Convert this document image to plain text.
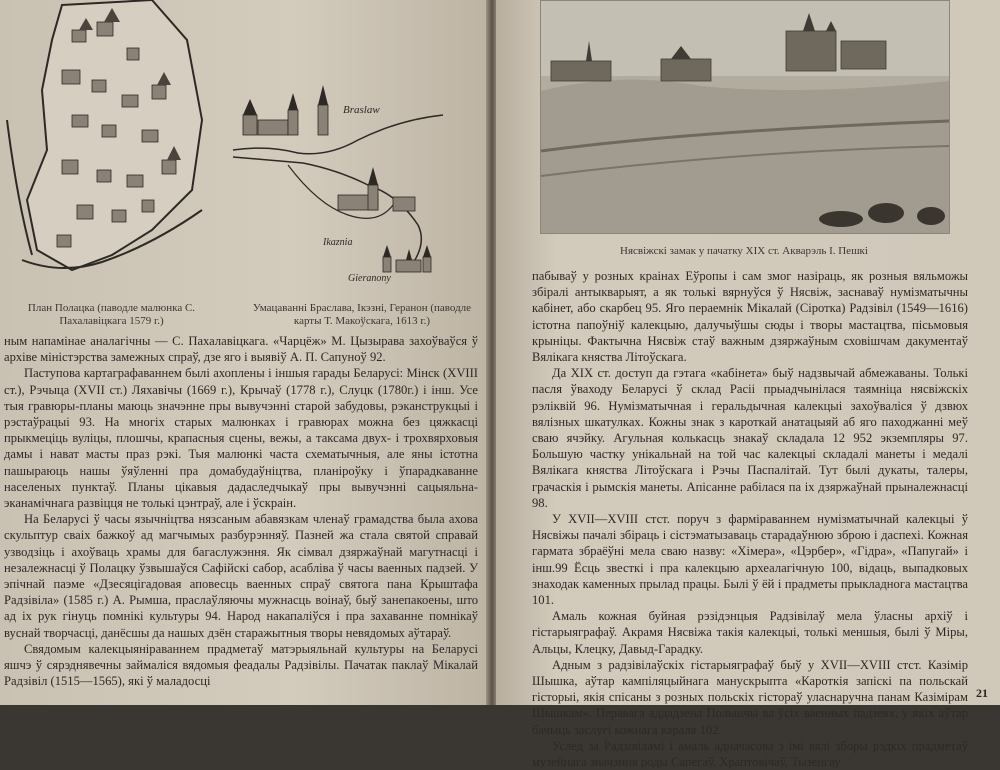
Braslaw
Ikaznia
Gieranony
План Полацка (паводле малюнка С. Пахалавіцкага 1579 г.)
Умацаванні Браслава, Ікэзні, Геранон (паводле карты Т. Макоўскага, 1613 г.)

ным напамінае аналагічны — С. Пахалавіцкага. «Чарцёж» М. Цызырава захоўваўся ў архіве міністэрства замежных спраў, дзе яго і выявіў А. П. Сапуноў 92.

Паступова картаграфаваннем былі ахоплены і іншыя гарады Беларусі: Мінск (XVIII ст.), Рэчыца (XVII ст.) Ляхавічы (1669 г.), Крычаў (1778 г.), Слуцк (1780г.) і інш. Усе тыя гравюры-планы маюць значэнне пры вывучэнні старой забудовы, рэканструкцыі і рэстаўрацыі 93. На многіх старых малюнках і гравюрах можна без цяжкасці прыкмеціць вуліцы, плошчы, крапасныя сцены, вежы, а таксама двух- і трохвярховыя дамы і нават масты праз рэкі. Тыя малюнкі часта схематычныя, але яны істотна пашыраюць нашы ўяўленні пра домабудаўніцтва, планіроўку і ўпарадкаванне населеных пунктаў. Планы цікавыя дадаследчыкаў пры вывучэнні сацыяльна-эканамічнага развіцця не толькі цэнтраў, але і ўскраін.

На Беларусі ў часы язычніцтва нязсаным абавязкам членаў грамадства была ахова скульптур сваіх бажкоў ад магчымых разбурэнняў. Пазней жа стала святой справай узводзіць і ахоўваць храмы для багаслужэння. Як сімвал дзяржаўнай магутнасці і незалежнасці ў Полацку ўзвышаўся Сафійскі сабор, асабліва ў часы ваенных падзей. У эпічнай паэме «Дзесяцігадовая аповесць ваенных спраў святога пана Крыштафа Радзівіла» (1585 г.) А. Рымша, праслаўляючы мужнасць воінаў, быў занепакоены, што ад іх рук гінуць помнікі культуры 94. Народ накапаліўся і пра захаванне помнікаў вуснай творчасці, данёсшы да нашых дзён старажытныя творы невядомых аўтараў.

Свядомым калекцыяніраваннем прадметаў матэрыяльнай культуры на Беларусі яшчэ ў сярэднявечны займаліся вядомыя феадалы Радзівілы. Пачатак паклаў Мікалай Радзівіл (1515—1565), які ў маладосці

Нясвіжскі замак у пачатку XIX ст. Акварэль І. Пешкі

пабываў у розных краінах Еўропы і сам змог назіраць, як розныя вяльможы збіралі антыкварыят, а як толькі вярнуўся ў Нясвіж, заснаваў нумізматычны кабінет, або скарбец 95. Яго пераемнік Мікалай (Сіротка) Радзівіл (1549—1616) істотна папоўніў калекцыю, далучыўшы сюды і творы мастацтва, пісьмовыя крыніцы. Фактычна Нясвіж стаў важным дзяржаўным сховішчам дакументаў Вялікага княства Літоўскага.

Да XIX ст. доступ да гэтага «кабінета» быў надзвычай абмежаваны. Толькі пасля ўваходу Беларусі ў склад Расіі прыадчынілася таямніца нясвіжскіх рэліквій 96. Нумізматычная і геральдычная калекцыі захоўваліся ў дзвюх вялізных шкатулках. Кожны знак з кароткай анатацыяй аб яго паходжанні меў сваю ячэйку. Агульная колькасць знакаў складала 12 952 экземпляры 97. Большую частку унікальнай на той час калекцыі складалі манеты і медалі Вялікага княства Літоўскага і Рэчы Паспалітай. Тут былі дукаты, талеры, грачаскія і рымскія манеты. Апісанне рабілася па іх дзяржаўнай прыналежнасці 98.

У XVII—XVIII стст. поруч з фарміраваннем нумізматычнай калекцыі ў Нясвіжы пачалі збіраць і сістэматызаваць старадаўнюю зброю і даспехі. Кожная гармата збраёўні мела сваю назву: «Хімера», «Цэрбер», «Гідра», «Папугай» і інш.99 Ёсць звесткі і пра калекцыю археалагічную 100, відаць, выпадковых знаходак каменных прылад працы. Былі ў ёй і прадметы прыкладнога мастацтва 101.

Амаль кожная буйная рэзідэнцыя Радзівілаў мела ўласны архіў і гістарыяграфаў. Акрамя Нясвіжа такія калекцыі, толькі меншыя, былі ў Міры, Альцы, Клецку, Давыд-Гарадку.

Адным з радзівілаўскіх гістарыяграфаў быў у XVII—XVIII стст. Казімір Шышка, аўтар кампіляцыйнага манускрыпта «Кароткія запіскі па польскай гісторыі, якія спісаны з розных польскіх гістораў уласнаручна панам Казімірам Шышкам». Перавага аддадзена Польшчы ва ўсіх ваенных падзеях, у якіх аўтар бачыць заслугі кожнага караля 102.

Услед за Радзівіламі і амаль адначасова з імі вялі зборы рэдкіх прадметаў музейнага значэння роды Сапегаў, Храптовічаў, Тызенгау

21
